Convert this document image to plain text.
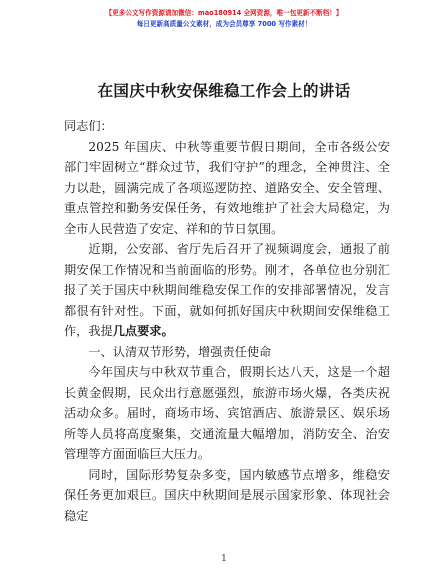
【更多公文写作资源请加微信：mao180914 全网资源，唯一包更新不断档！】
每日更新高质量公文素材，成为会员尊享 7000 写作素材！
在国庆中秋安保维稳工作会上的讲话

同志们：

2025 年国庆、中秋等重要节假日期间，全市各级公安部门牢固树立“群众过节，我们守护”的理念，全神贯注、全力以赴，圆满完成了各项巡逻防控、道路安全、安全管理、重点管控和勤务安保任务，有效地维护了社会大局稳定，为全市人民营造了安定、祥和的节日氛围。

近期，公安部、省厅先后召开了视频调度会，通报了前期安保工作情况和当前面临的形势。刚才，各单位也分别汇报了关于国庆中秋期间维稳安保工作的安排部署情况，发言都很有针对性。下面，就如何抓好国庆中秋期间安保维稳工作，我提几点要求。

一、认清双节形势，增强责任使命

今年国庆与中秋双节重合，假期长达八天，这是一个超长黄金假期，民众出行意愿强烈，旅游市场火爆，各类庆祝活动众多。届时，商场市场、宾馆酒店、旅游景区、娱乐场所等人员将高度聚集，交通流量大幅增加，消防安全、治安管理等方面面临巨大压力。

同时，国际形势复杂多变，国内敏感节点增多，维稳安保任务更加艰巨。国庆中秋期间是展示国家形象、体现社会稳定

1
